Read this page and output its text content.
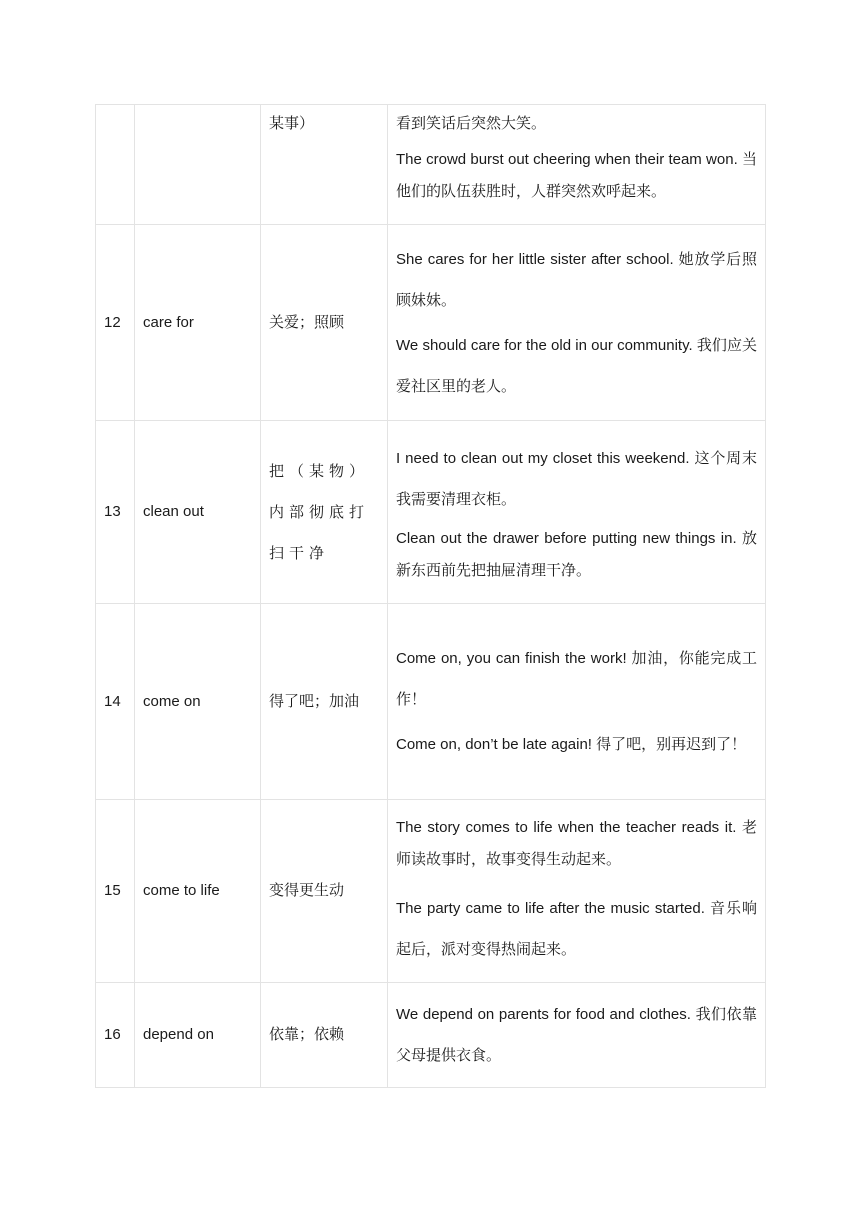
		某事）	看到笑话后突然大笑。

The crowd burst out cheering when their team won. 当他们的队伍获胜时，人群突然欢呼起来。

12	care for	关爱；照顾	She cares for her little sister after school. 她放学后照顾妹妹。

We should care for the old in our community. 我们应关爱社区里的老人。

13	clean out	把（某物）内部彻底打扫干净	I need to clean out my closet this weekend. 这个周末我需要清理衣柜。

Clean out the drawer before putting new things in. 放新东西前先把抽屉清理干净。

14	come on	得了吧；加油	Come on, you can finish the work! 加油，你能完成工作！

Come on, don’t be late again! 得了吧，别再迟到了！

15	come to life	变得更生动	The story comes to life when the teacher reads it. 老师读故事时，故事变得生动起来。

The party came to life after the music started. 音乐响起后，派对变得热闹起来。

16	depend on	依靠；依赖	We depend on parents for food and clothes. 我们依靠父母提供衣食。
